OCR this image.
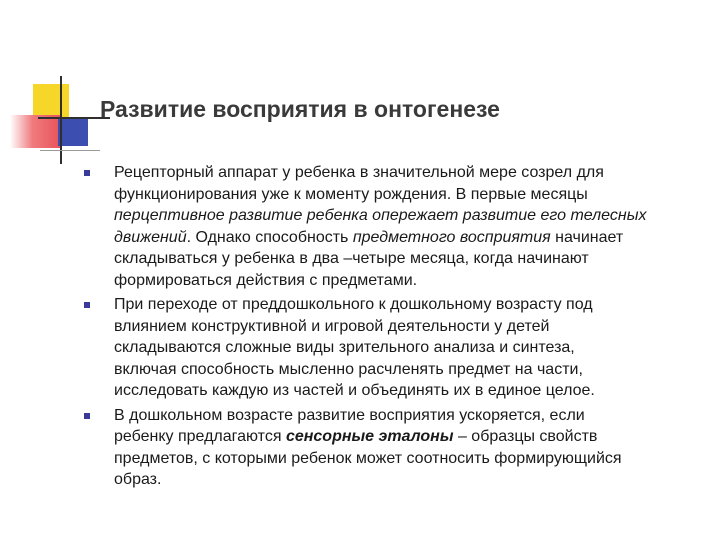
Развитие восприятия в онтогенезе
Рецепторный аппарат у ребенка в значительной мере созрел для
функционирования уже к моменту рождения. В первые месяцы
перцептивное развитие ребенка опережает развитие его телесных
движений. Однако способность предметного восприятия начинает
складываться у ребенка в два –четыре месяца, когда начинают
формироваться действия с предметами.
При переходе от преддошкольного к дошкольному возрасту под
влиянием конструктивной и игровой деятельности у детей
складываются сложные виды зрительного анализа и синтеза,
включая способность мысленно расчленять предмет на части,
исследовать каждую из частей и объединять их в единое целое.
В дошкольном возрасте развитие восприятия ускоряется, если
ребенку предлагаются сенсорные эталоны – образцы свойств
предметов, с которыми ребенок может соотносить формирующийся
образ.
